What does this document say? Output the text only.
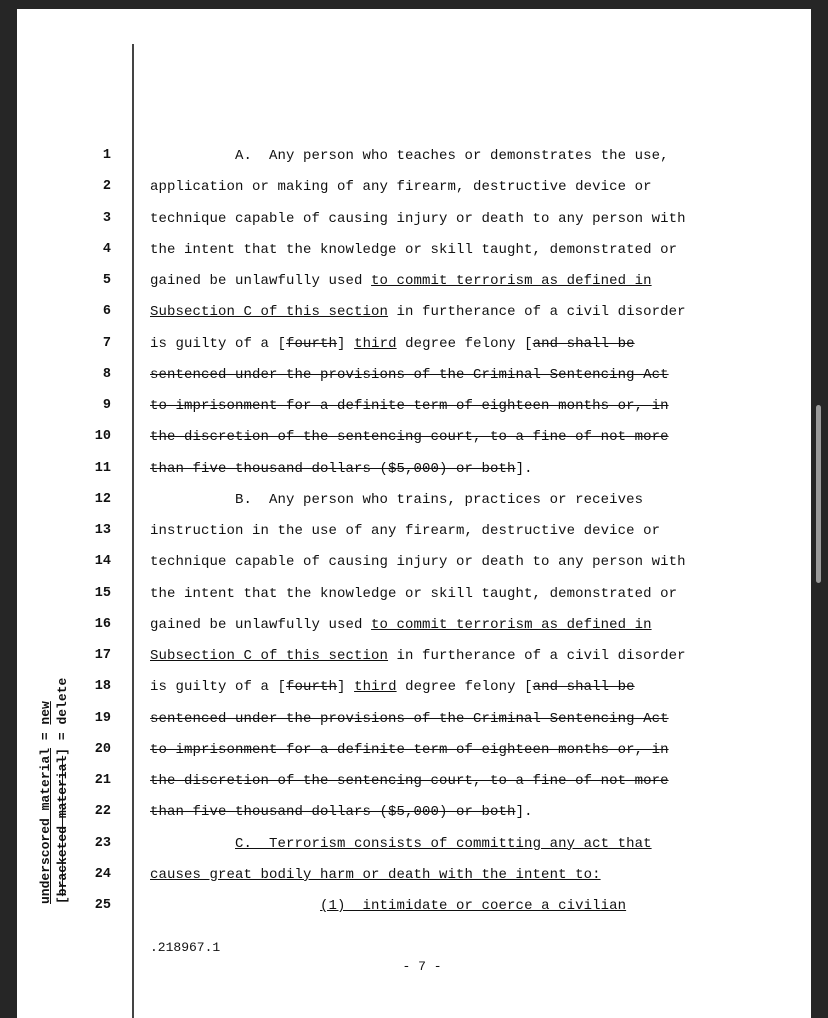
1	A.  Any person who teaches or demonstrates the use,
2	application or making of any firearm, destructive device or
3	technique capable of causing injury or death to any person with
4	the intent that the knowledge or skill taught, demonstrated or
5	gained be unlawfully used to commit terrorism as defined in
6	Subsection C of this section in furtherance of a civil disorder
7	is guilty of a [fourth] third degree felony [and shall be
8	sentenced under the provisions of the Criminal Sentencing Act
9	to imprisonment for a definite term of eighteen months or, in
10	the discretion of the sentencing court, to a fine of not more
11	than five thousand dollars ($5,000) or both].
12	B.  Any person who trains, practices or receives
13	instruction in the use of any firearm, destructive device or
14	technique capable of causing injury or death to any person with
15	the intent that the knowledge or skill taught, demonstrated or
16	gained be unlawfully used to commit terrorism as defined in
17	Subsection C of this section in furtherance of a civil disorder
18	is guilty of a [fourth] third degree felony [and shall be
19	sentenced under the provisions of the Criminal Sentencing Act
20	to imprisonment for a definite term of eighteen months or, in
21	the discretion of the sentencing court, to a fine of not more
22	than five thousand dollars ($5,000) or both].
23	C.  Terrorism consists of committing any act that
24	causes great bodily harm or death with the intent to:
25	(1)  intimidate or coerce a civilian
underscored material = new
[bracketed material] = delete
.218967.1
- 7 -
